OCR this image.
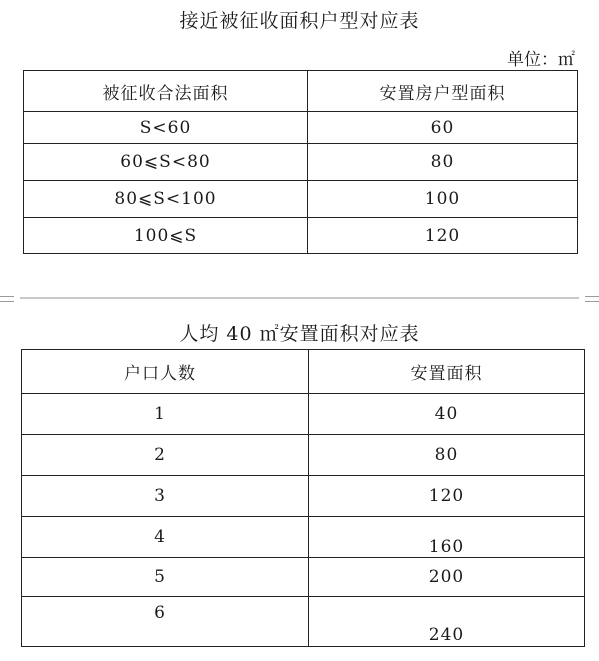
接近被征收面积户型对应表
单位：㎡
被征收合法面积	安置房户型面积
S<60	60
60⩽S<80	80
80⩽S<100	100
100⩽S	120
人均 40 ㎡安置面积对应表
户口人数	安置面积
1	40
2	80
3	120
4	160
5	200
6	240
